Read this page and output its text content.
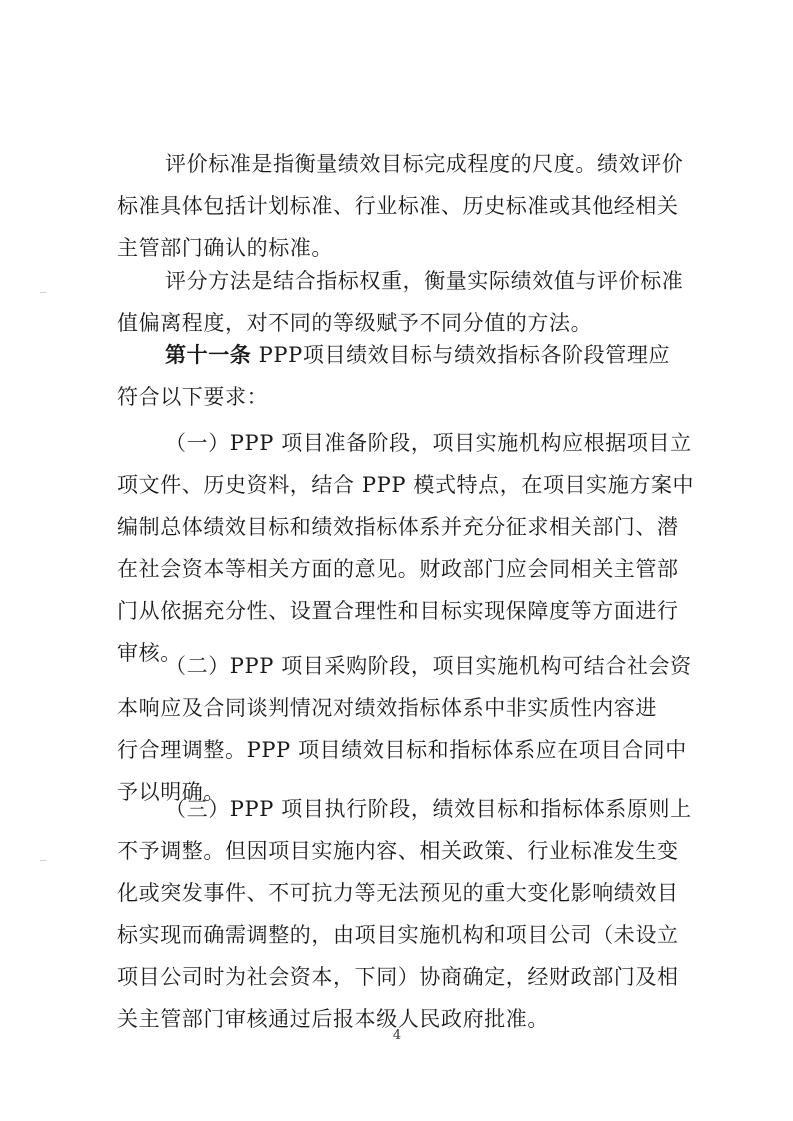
评价标准是指衡量绩效目标完成程度的尺度。绩效评价
标准具体包括计划标准、行业标准、历史标准或其他经相关
主管部门确认的标准。
评分方法是结合指标权重，衡量实际绩效值与评价标准
值偏离程度，对不同的等级赋予不同分值的方法。
第十一条 PPP项目绩效目标与绩效指标各阶段管理应
符合以下要求：
（一）PPP 项目准备阶段，项目实施机构应根据项目立
项文件、历史资料，结合 PPP 模式特点，在项目实施方案中
编制总体绩效目标和绩效指标体系并充分征求相关部门、潜
在社会资本等相关方面的意见。财政部门应会同相关主管部
门从依据充分性、设置合理性和目标实现保障度等方面进行
审核。
（二）PPP 项目采购阶段，项目实施机构可结合社会资
本响应及合同谈判情况对绩效指标体系中非实质性内容进
行合理调整。PPP 项目绩效目标和指标体系应在项目合同中
予以明确。
（三）PPP 项目执行阶段，绩效目标和指标体系原则上
不予调整。但因项目实施内容、相关政策、行业标准发生变
化或突发事件、不可抗力等无法预见的重大变化影响绩效目
标实现而确需调整的，由项目实施机构和项目公司（未设立
项目公司时为社会资本，下同）协商确定，经财政部门及相
关主管部门审核通过后报本级人民政府批准。
4
